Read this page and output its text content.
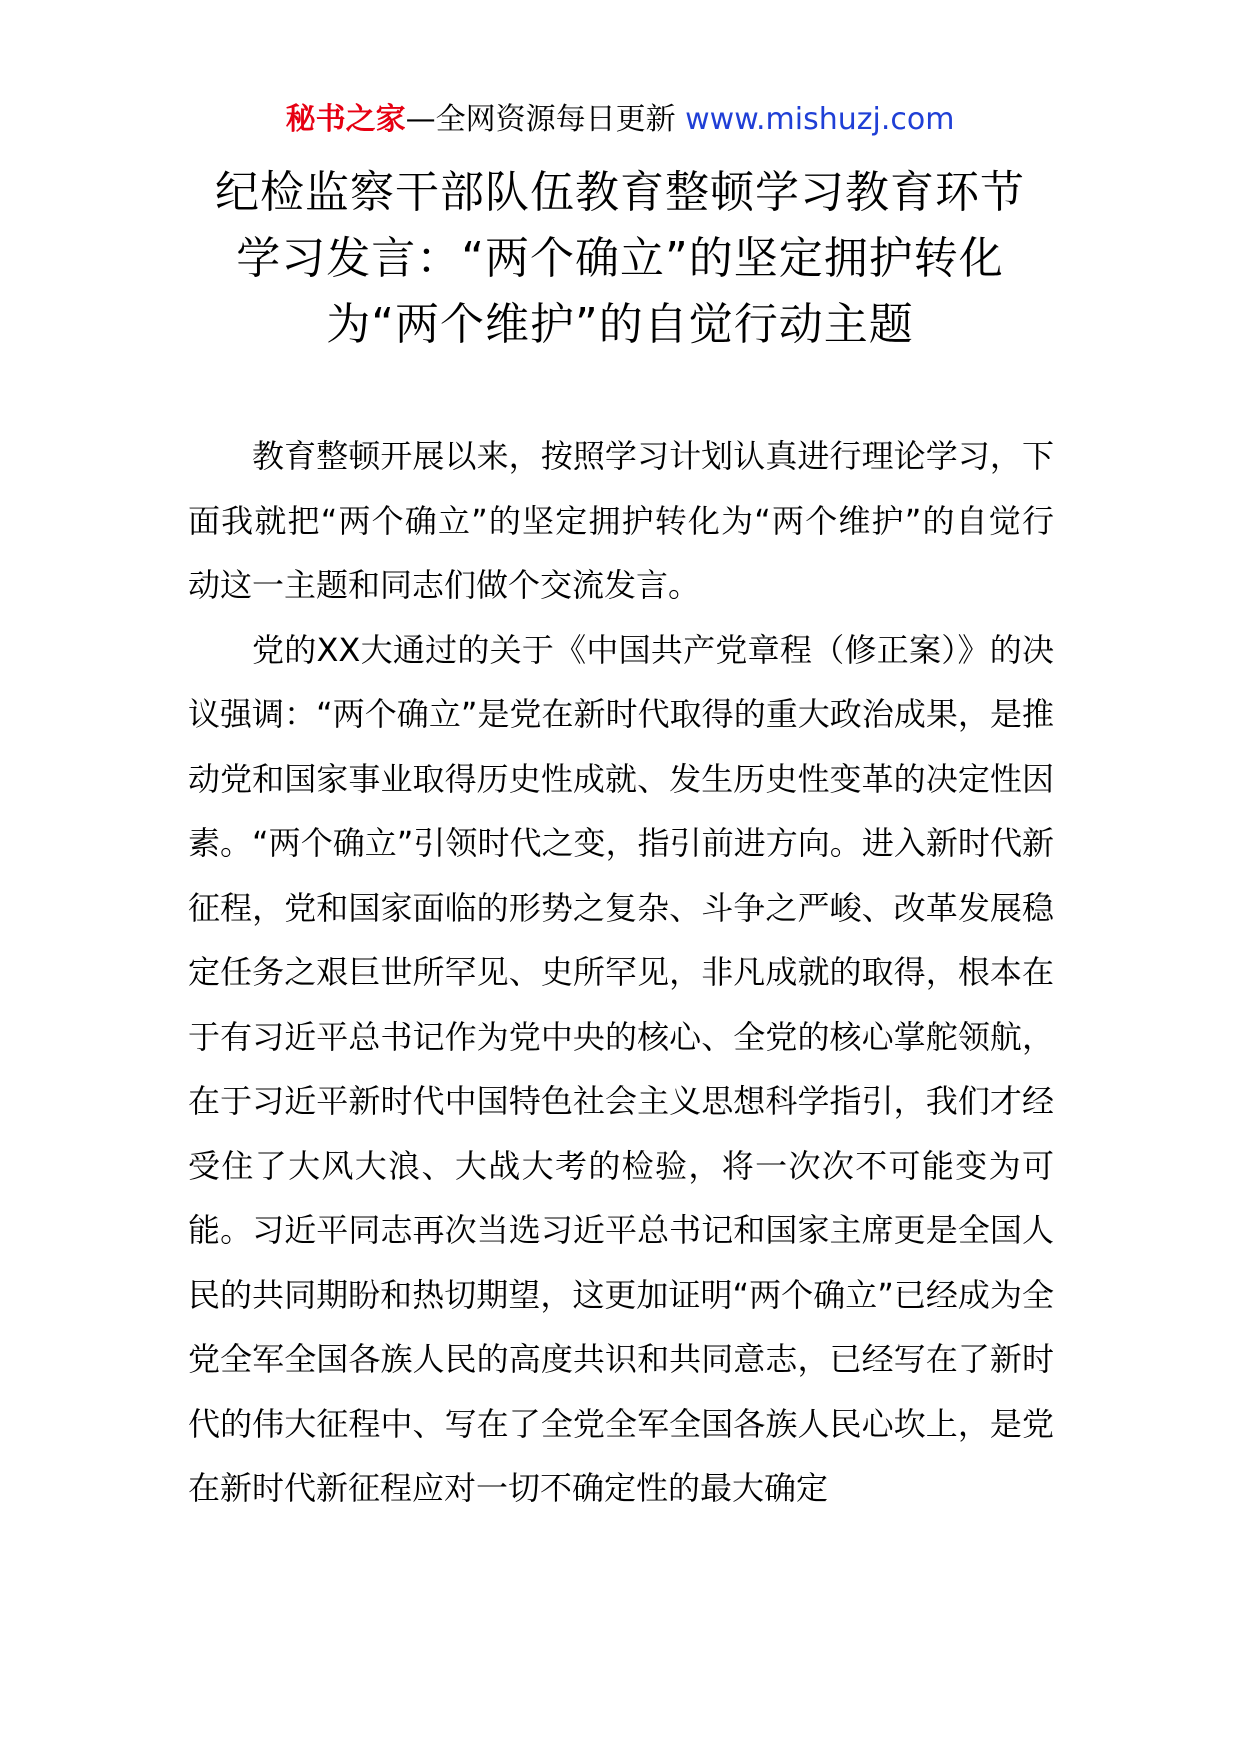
秘书之家—全网资源每日更新 www.mishuzj.com
纪检监察干部队伍教育整顿学习教育环节
学习发言：“两个确立”的坚定拥护转化
为“两个维护”的自觉行动主题

教育整顿开展以来，按照学习计划认真进行理论学习，下面我就把“两个确立”的坚定拥护转化为“两个维护”的自觉行动这一主题和同志们做个交流发言。

党的XX大通过的关于《中国共产党章程（修正案）》的决议强调：“两个确立”是党在新时代取得的重大政治成果，是推动党和国家事业取得历史性成就、发生历史性变革的决定性因素。“两个确立”引领时代之变，指引前进方向。进入新时代新征程，党和国家面临的形势之复杂、斗争之严峻、改革发展稳定任务之艰巨世所罕见、史所罕见，非凡成就的取得，根本在于有习近平总书记作为党中央的核心、全党的核心掌舵领航，在于习近平新时代中国特色社会主义思想科学指引，我们才经受住了大风大浪、大战大考的检验，将一次次不可能变为可能。习近平同志再次当选习近平总书记和国家主席更是全国人民的共同期盼和热切期望，这更加证明“两个确立”已经成为全党全军全国各族人民的高度共识和共同意志，已经写在了新时代的伟大征程中、写在了全党全军全国各族人民心坎上，是党在新时代新征程应对一切不确定性的最大确定
